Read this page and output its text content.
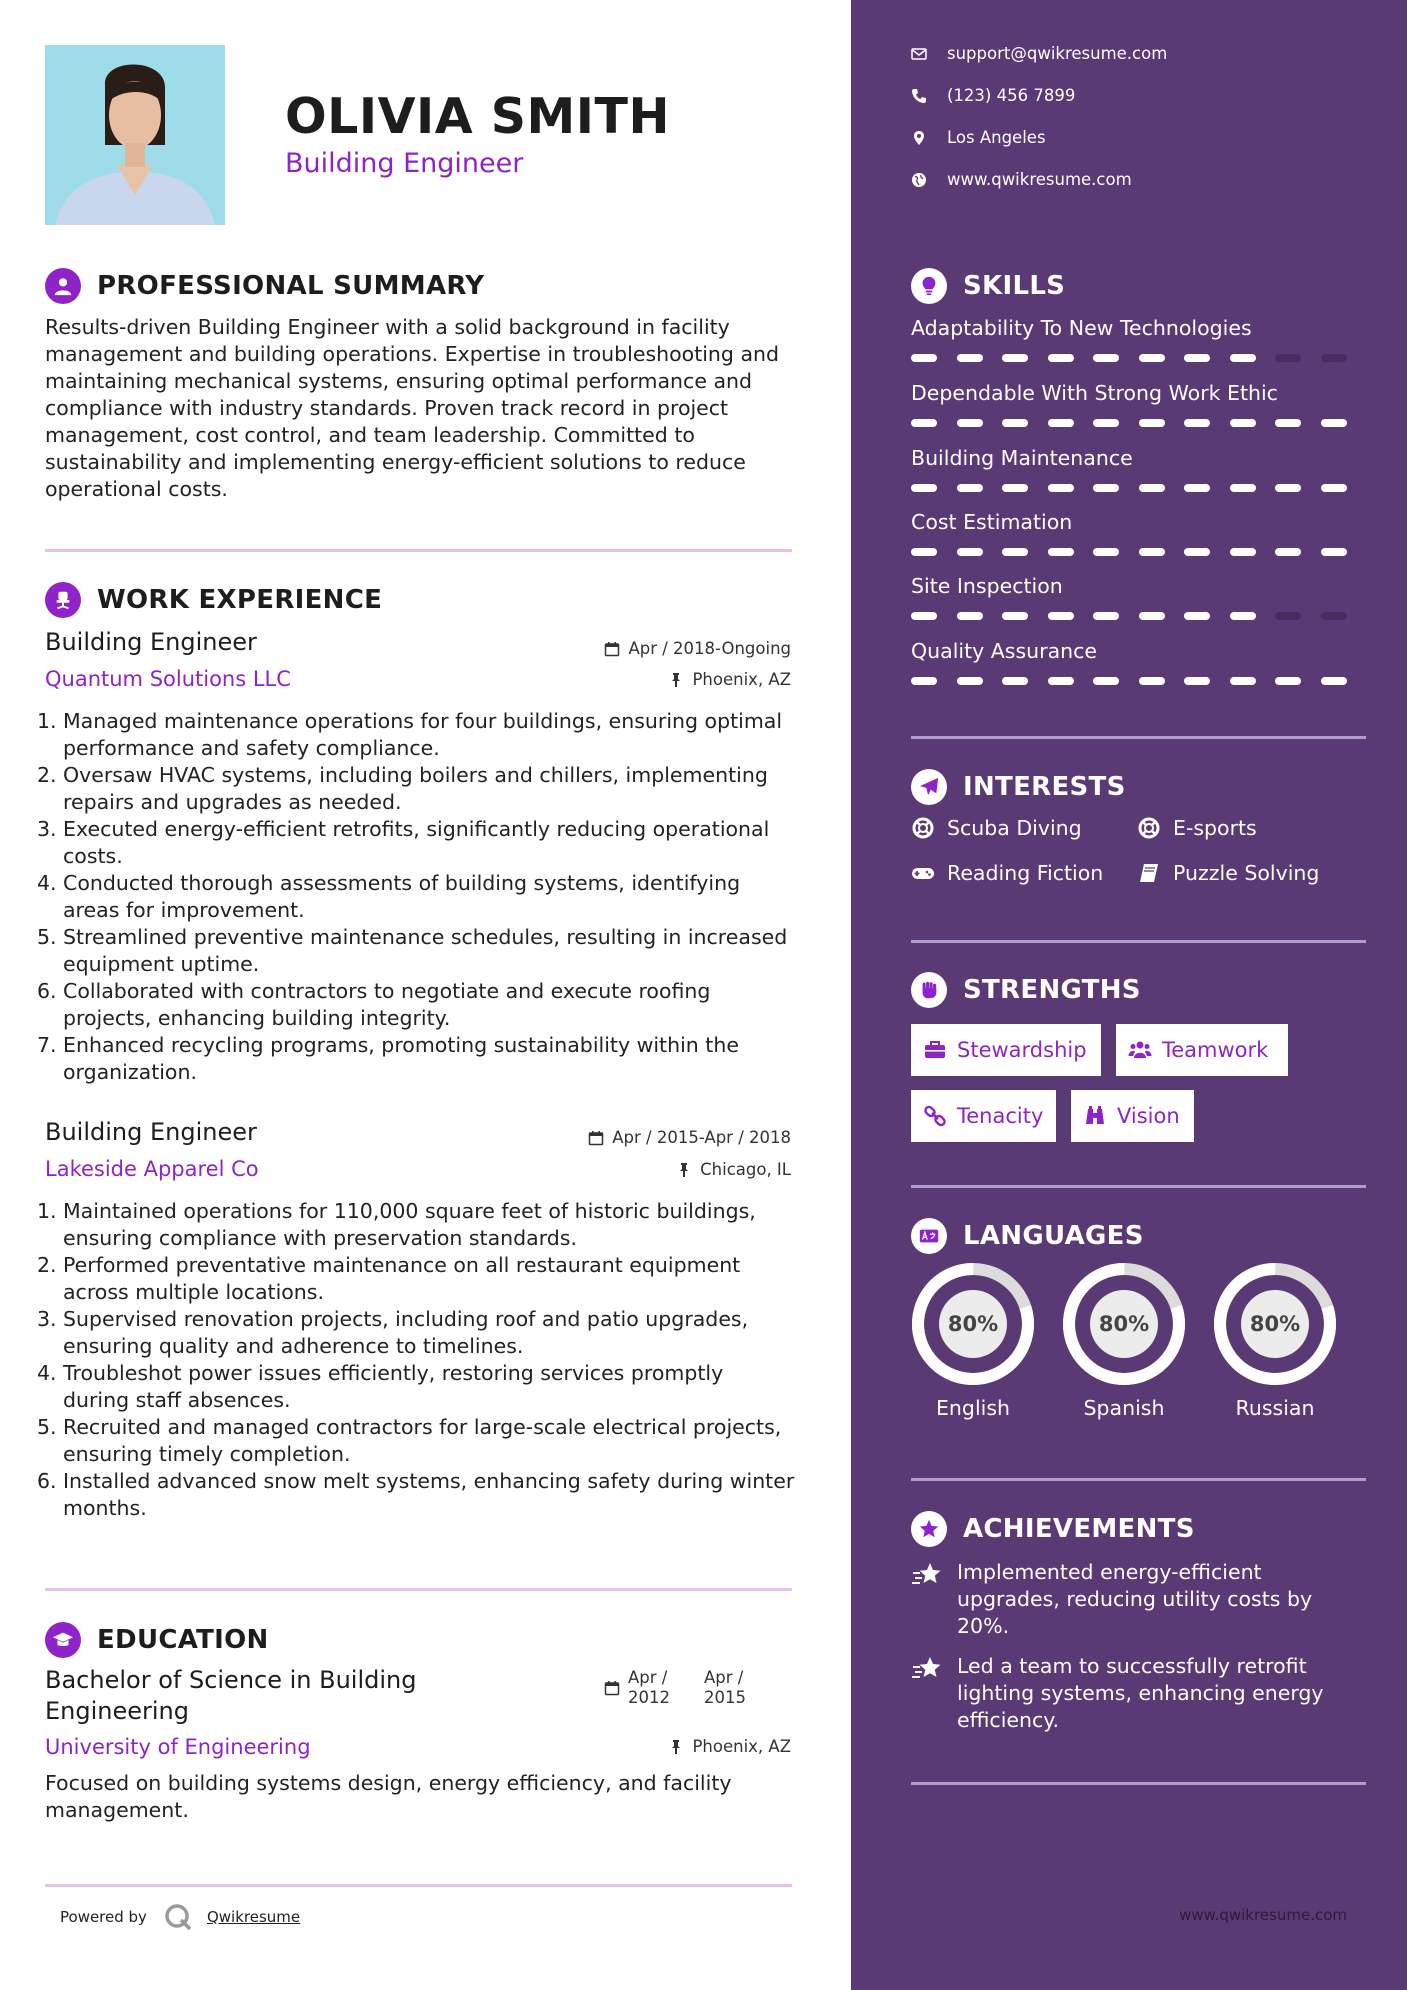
OLIVIA SMITH
Building Engineer
PROFESSIONAL SUMMARY
Results-driven Building Engineer with a solid background in facility management and building operations. Expertise in troubleshooting and maintaining mechanical systems, ensuring optimal performance and compliance with industry standards. Proven track record in project management, cost control, and team leadership. Committed to sustainability and implementing energy-efficient solutions to reduce operational costs.
WORK EXPERIENCE
Building Engineer
Quantum Solutions LLC
Apr / 2018-Ongoing
Phoenix, AZ
Managed maintenance operations for four buildings, ensuring optimal performance and safety compliance.
Oversaw HVAC systems, including boilers and chillers, implementing repairs and upgrades as needed.
Executed energy-efficient retrofits, significantly reducing operational costs.
Conducted thorough assessments of building systems, identifying areas for improvement.
Streamlined preventive maintenance schedules, resulting in increased equipment uptime.
Collaborated with contractors to negotiate and execute roofing projects, enhancing building integrity.
Enhanced recycling programs, promoting sustainability within the organization.
Building Engineer
Lakeside Apparel Co
Apr / 2015-Apr / 2018
Chicago, IL
Maintained operations for 110,000 square feet of historic buildings, ensuring compliance with preservation standards.
Performed preventative maintenance on all restaurant equipment across multiple locations.
Supervised renovation projects, including roof and patio upgrades, ensuring quality and adherence to timelines.
Troubleshot power issues efficiently, restoring services promptly during staff absences.
Recruited and managed contractors for large-scale electrical projects, ensuring timely completion.
Installed advanced snow melt systems, enhancing safety during winter months.
EDUCATION
Bachelor of Science in Building Engineering
University of Engineering
Apr / 2012
Apr / 2015
Phoenix, AZ
Focused on building systems design, energy efficiency, and facility management.
Powered by	Qwikresume
support@qwikresume.com
(123) 456 7899
Los Angeles
www.qwikresume.com
SKILLS
Adaptability To New Technologies
Dependable With Strong Work Ethic
Building Maintenance
Cost Estimation
Site Inspection
Quality Assurance
INTERESTS
Scuba Diving	E-sports
Reading Fiction	Puzzle Solving
STRENGTHS
Stewardship	Teamwork
Tenacity	Vision
LANGUAGES
80%
English
80%
Spanish
80%
Russian
ACHIEVEMENTS
Implemented energy-efficient upgrades, reducing utility costs by 20%.
Led a team to successfully retrofit lighting systems, enhancing energy efficiency.
www.qwikresume.com
